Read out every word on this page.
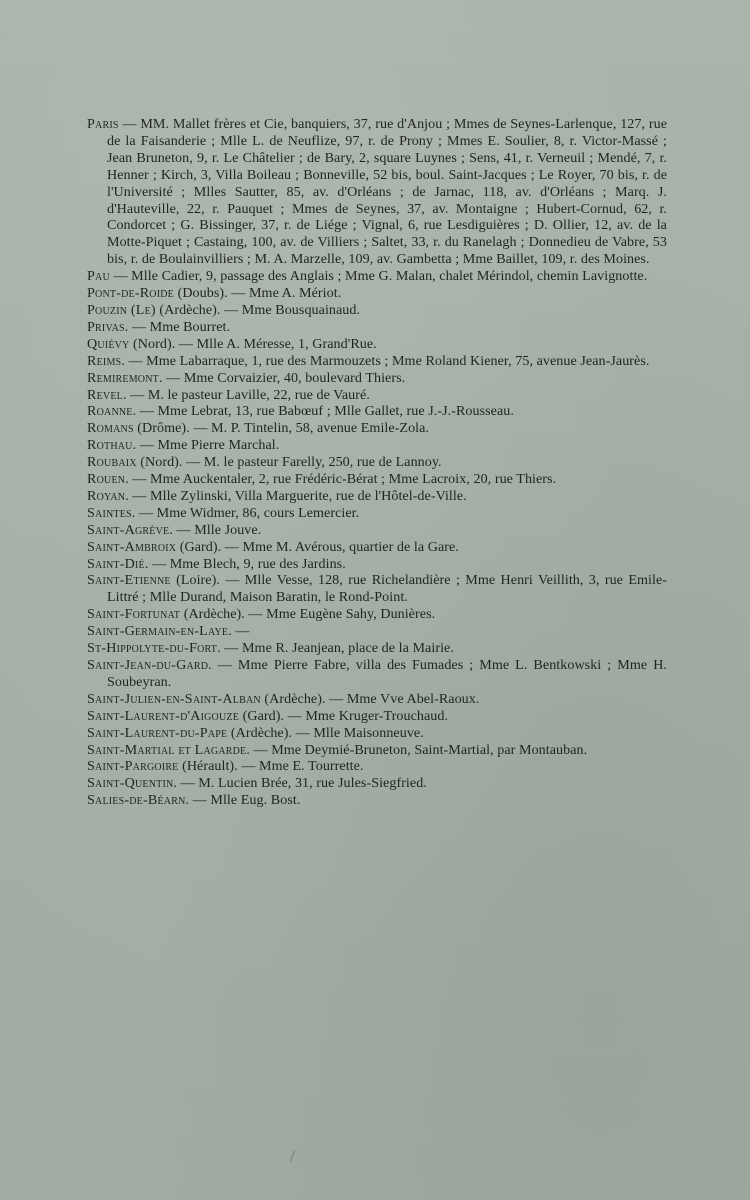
Paris — MM. Mallet frères et Cie, banquiers, 37, rue d'Anjou ; Mmes de Seynes-Larlenque, 127, rue de la Faisanderie ; Mlle L. de Neuflize, 97, r. de Prony ; Mmes E. Soulier, 8, r. Victor-Massé ; Jean Bruneton, 9, r. Le Châtelier ; de Bary, 2, square Luynes ; Sens, 41, r. Verneuil ; Mendé, 7, r. Henner ; Kirch, 3, Villa Boileau ; Bonneville, 52 bis, boul. Saint-Jacques ; Le Royer, 70 bis, r. de l'Université ; Mlles Sautter, 85, av. d'Orléans ; de Jarnac, 118, av. d'Orléans ; Marq. J. d'Hauteville, 22, r. Pauquet ; Mmes de Seynes, 37, av. Montaigne ; Hubert-Cornud, 62, r. Condorcet ; G. Bissinger, 37, r. de Liége ; Vignal, 6, rue Lesdiguières ; D. Ollier, 12, av. de la Motte-Piquet ; Castaing, 100, av. de Villiers ; Saltet, 33, r. du Ranelagh ; Donnedieu de Vabre, 53 bis, r. de Boulainvilliers ; M. A. Marzelle, 109, av. Gambetta ; Mme Baillet, 109, r. des Moines.

Pau — Mlle Cadier, 9, passage des Anglais ; Mme G. Malan, chalet Mérindol, chemin Lavignotte.

Pont-de-Roide (Doubs). — Mme A. Mériot.

Pouzin (Le) (Ardèche). — Mme Bousquainaud.

Privas. — Mme Bourret.

Quiévy (Nord). — Mlle A. Méresse, 1, Grand'Rue.

Reims. — Mme Labarraque, 1, rue des Marmouzets ; Mme Roland Kiener, 75, avenue Jean-Jaurès.

Remiremont. — Mme Corvaizier, 40, boulevard Thiers.

Revel. — M. le pasteur Laville, 22, rue de Vauré.

Roanne. — Mme Lebrat, 13, rue Babœuf ; Mlle Gallet, rue J.-J.-Rousseau.

Romans (Drôme). — M. P. Tintelin, 58, avenue Emile-Zola.

Rothau. — Mme Pierre Marchal.

Roubaix (Nord). — M. le pasteur Farelly, 250, rue de Lannoy.

Rouen. — Mme Auckentaler, 2, rue Frédéric-Bérat ; Mme Lacroix, 20, rue Thiers.

Royan. — Mlle Zylinski, Villa Marguerite, rue de l'Hôtel-de-Ville.

Saintes. — Mme Widmer, 86, cours Lemercier.

Saint-Agrève. — Mlle Jouve.

Saint-Ambroix (Gard). — Mme M. Avérous, quartier de la Gare.

Saint-Dié. — Mme Blech, 9, rue des Jardins.

Saint-Etienne (Loire). — Mlle Vesse, 128, rue Richelandière ; Mme Henri Veillith, 3, rue Emile-Littré ; Mlle Durand, Maison Baratin, le Rond-Point.

Saint-Fortunat (Ardèche). — Mme Eugène Sahy, Dunières.

Saint-Germain-en-Laye. —

St-Hippolyte-du-Fort. — Mme R. Jeanjean, place de la Mairie.

Saint-Jean-du-Gard. — Mme Pierre Fabre, villa des Fumades ; Mme L. Bentkowski ; Mme H. Soubeyran.

Saint-Julien-en-Saint-Alban (Ardèche). — Mme Vve Abel-Raoux.

Saint-Laurent-d'Aigouze (Gard). — Mme Kruger-Trouchaud.

Saint-Laurent-du-Pape (Ardèche). — Mlle Maisonneuve.

Saint-Martial et Lagarde. — Mme Deymié-Bruneton, Saint-Martial, par Montauban.

Saint-Pargoire (Hérault). — Mme E. Tourrette.

Saint-Quentin. — M. Lucien Brée, 31, rue Jules-Siegfried.

Salies-de-Béarn. — Mlle Eug. Bost.
